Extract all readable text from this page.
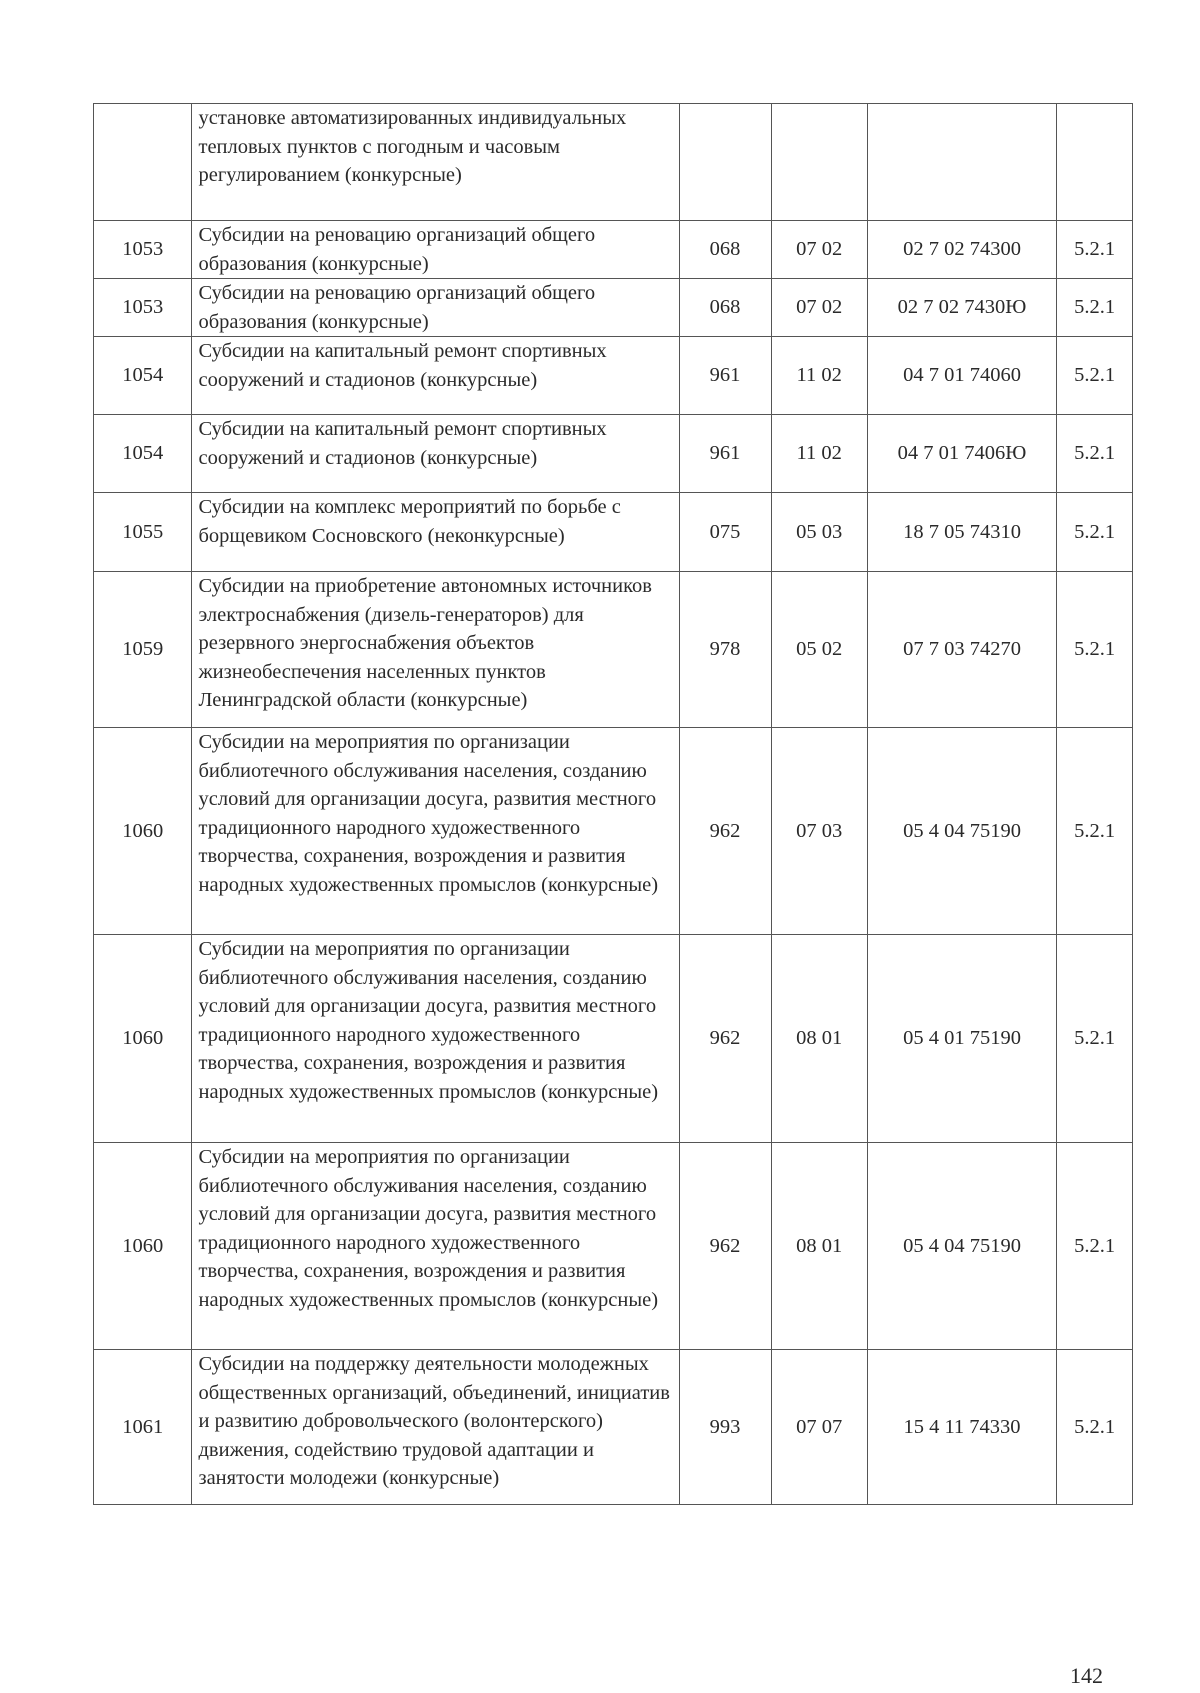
	установке автоматизированных индивидуальных тепловых пунктов с погодным и часовым регулированием (конкурсные)				
1053	Субсидии на реновацию организаций общего образования (конкурсные)	068	07 02	02 7 02 74300	5.2.1
1053	Субсидии на реновацию организаций общего образования (конкурсные)	068	07 02	02 7 02 7430Ю	5.2.1
1054	Субсидии на капитальный ремонт спортивных сооружений и стадионов (конкурсные)	961	11 02	04 7 01 74060	5.2.1
1054	Субсидии на капитальный ремонт спортивных сооружений и стадионов (конкурсные)	961	11 02	04 7 01 7406Ю	5.2.1
1055	Субсидии на комплекс мероприятий по борьбе с борщевиком Сосновского (неконкурсные)	075	05 03	18 7 05 74310	5.2.1
1059	Субсидии на приобретение автономных источников электроснабжения (дизель-генераторов) для резервного энергоснабжения объектов жизнеобеспечения населенных пунктов Ленинградской области (конкурсные)	978	05 02	07 7 03 74270	5.2.1
1060	Субсидии на мероприятия по организации библиотечного обслуживания населения, созданию условий для организации досуга, развития местного традиционного народного художественного творчества, сохранения, возрождения и развития народных художественных промыслов (конкурсные)	962	07 03	05 4 04 75190	5.2.1
1060	Субсидии на мероприятия по организации библиотечного обслуживания населения, созданию условий для организации досуга, развития местного традиционного народного художественного творчества, сохранения, возрождения и развития народных художественных промыслов (конкурсные)	962	08 01	05 4 01 75190	5.2.1
1060	Субсидии на мероприятия по организации библиотечного обслуживания населения, созданию условий для организации досуга, развития местного традиционного народного художественного творчества, сохранения, возрождения и развития народных художественных промыслов (конкурсные)	962	08 01	05 4 04 75190	5.2.1
1061	Субсидии на поддержку деятельности молодежных общественных организаций, объединений, инициатив и развитию добровольческого (волонтерского) движения, содействию трудовой адаптации и занятости молодежи (конкурсные)	993	07 07	15 4 11 74330	5.2.1
142
